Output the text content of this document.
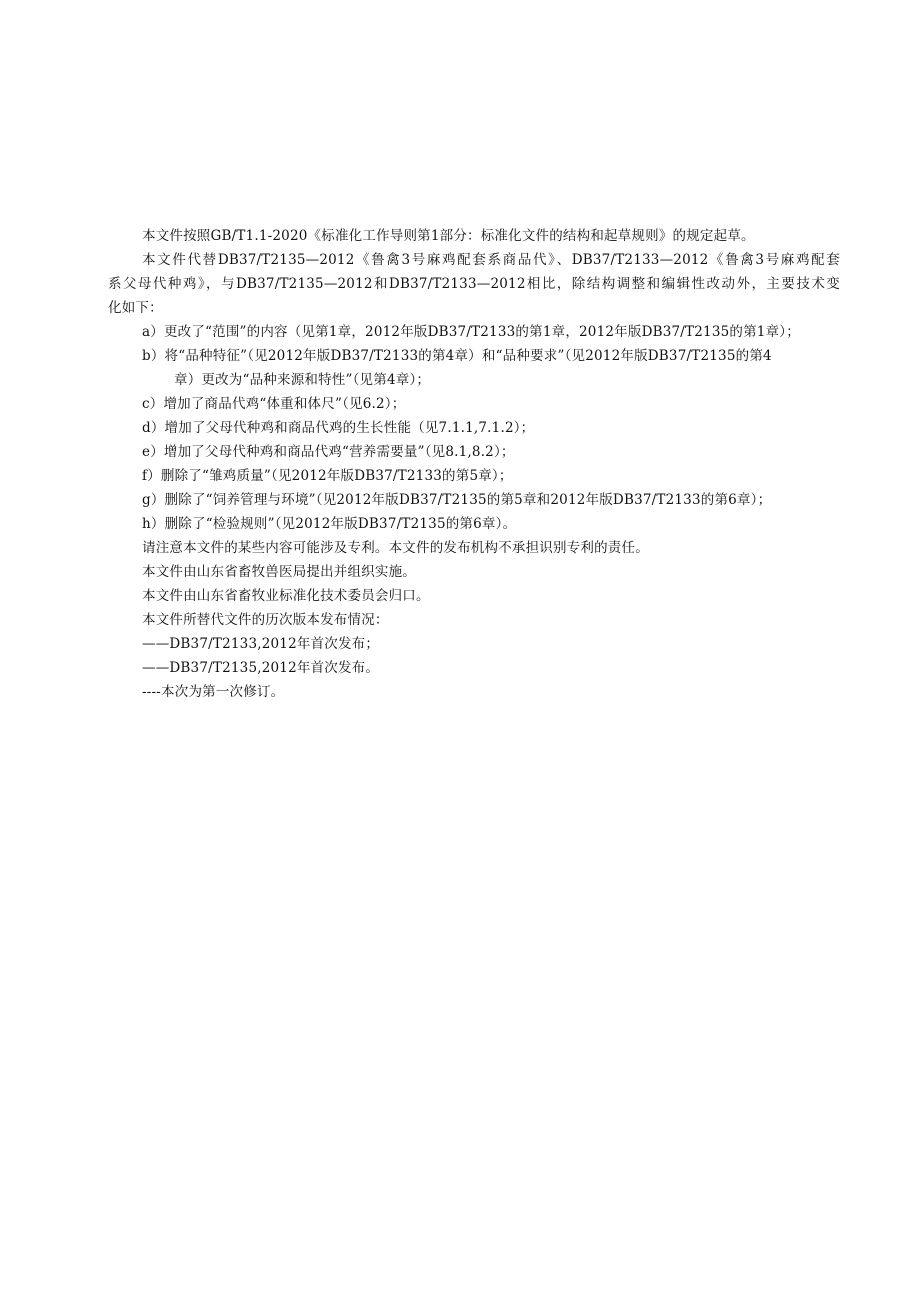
本文件按照GB/T1.1-2020《标准化工作导则第1部分：标准化文件的结构和起草规则》的规定起草。
本文件代替DB37/T2135—2012《鲁禽3号麻鸡配套系商品代》、DB37/T2133—2012《鲁禽3号麻鸡配套
系父母代种鸡》，与DB37/T2135—2012和DB37/T2133—2012相比，除结构调整和编辑性改动外，主要技术变
化如下：
a）更改了“范围”的内容（见第1章，2012年版DB37/T2133的第1章，2012年版DB37/T2135的第1章）；
b）将“品种特征”（见2012年版DB37/T2133的第4章）和“品种要求”（见2012年版DB37/T2135的第4
章）更改为“品种来源和特性”（见第4章）；
c）增加了商品代鸡“体重和体尺”（见6.2）；
d）增加了父母代种鸡和商品代鸡的生长性能（见7.1.1,7.1.2）；
e）增加了父母代种鸡和商品代鸡“营养需要量”（见8.1,8.2）；
f）删除了“雏鸡质量”（见2012年版DB37/T2133的第5章）；
g）删除了“饲养管理与环境”（见2012年版DB37/T2135的第5章和2012年版DB37/T2133的第6章）；
h）删除了“检验规则”（见2012年版DB37/T2135的第6章）。
请注意本文件的某些内容可能涉及专利。本文件的发布机构不承担识别专利的责任。
本文件由山东省畜牧兽医局提出并组织实施。
本文件由山东省畜牧业标准化技术委员会归口。
本文件所替代文件的历次版本发布情况：
——DB37/T2133,2012年首次发布；
——DB37/T2135,2012年首次发布。
----本次为第一次修订。
